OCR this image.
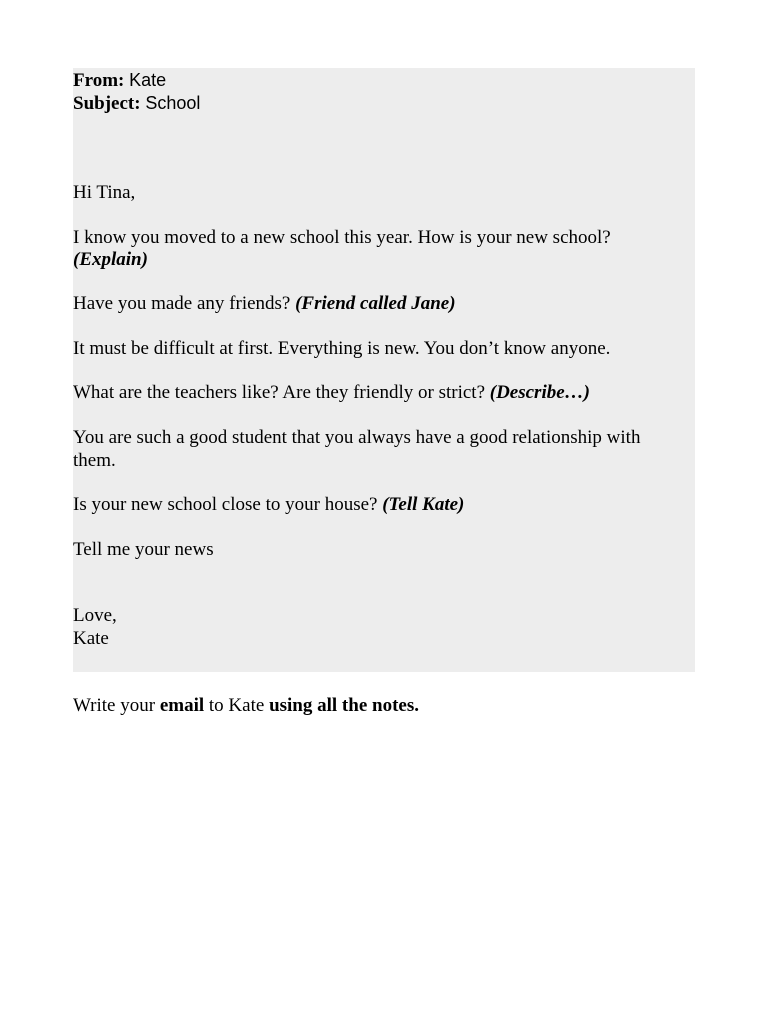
From: Kate
Subject: School
Hi Tina,
I know you moved to a new school this year. How is your new school?
(Explain)
Have you made any friends? (Friend called Jane)
It must be difficult at first. Everything is new. You don’t know anyone.
What are the teachers like? Are they friendly or strict? (Describe…)
You are such a good student that you always have a good relationship with
them.
Is your new school close to your house? (Tell Kate)
Tell me your news
Love,
Kate
Write your email to Kate using all the notes.
